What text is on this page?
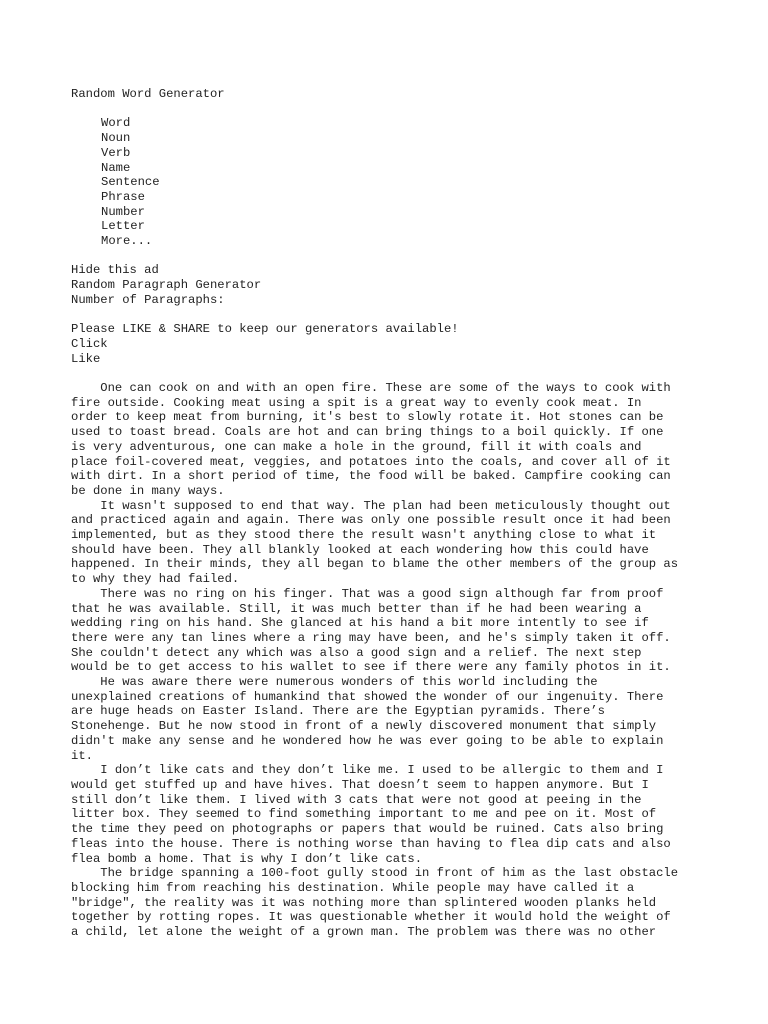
Random Word Generator
Word
Noun
Verb
Name
Sentence
Phrase
Number
Letter
More...
Hide this ad
Random Paragraph Generator
Number of Paragraphs:
Please LIKE & SHARE to keep our generators available!
Click
Like
One can cook on and with an open fire. These are some of the ways to cook with
fire outside. Cooking meat using a spit is a great way to evenly cook meat. In
order to keep meat from burning, it's best to slowly rotate it. Hot stones can be
used to toast bread. Coals are hot and can bring things to a boil quickly. If one
is very adventurous, one can make a hole in the ground, fill it with coals and
place foil-covered meat, veggies, and potatoes into the coals, and cover all of it
with dirt. In a short period of time, the food will be baked. Campfire cooking can
be done in many ways.
It wasn't supposed to end that way. The plan had been meticulously thought out
and practiced again and again. There was only one possible result once it had been
implemented, but as they stood there the result wasn't anything close to what it
should have been. They all blankly looked at each wondering how this could have
happened. In their minds, they all began to blame the other members of the group as
to why they had failed.
There was no ring on his finger. That was a good sign although far from proof
that he was available. Still, it was much better than if he had been wearing a
wedding ring on his hand. She glanced at his hand a bit more intently to see if
there were any tan lines where a ring may have been, and he's simply taken it off.
She couldn't detect any which was also a good sign and a relief. The next step
would be to get access to his wallet to see if there were any family photos in it.
He was aware there were numerous wonders of this world including the
unexplained creations of humankind that showed the wonder of our ingenuity. There
are huge heads on Easter Island. There are the Egyptian pyramids. There’s
Stonehenge. But he now stood in front of a newly discovered monument that simply
didn't make any sense and he wondered how he was ever going to be able to explain
it.
I don’t like cats and they don’t like me. I used to be allergic to them and I
would get stuffed up and have hives. That doesn’t seem to happen anymore. But I
still don’t like them. I lived with 3 cats that were not good at peeing in the
litter box. They seemed to find something important to me and pee on it. Most of
the time they peed on photographs or papers that would be ruined. Cats also bring
fleas into the house. There is nothing worse than having to flea dip cats and also
flea bomb a home. That is why I don’t like cats.
The bridge spanning a 100-foot gully stood in front of him as the last obstacle
blocking him from reaching his destination. While people may have called it a
"bridge", the reality was it was nothing more than splintered wooden planks held
together by rotting ropes. It was questionable whether it would hold the weight of
a child, let alone the weight of a grown man. The problem was there was no other
